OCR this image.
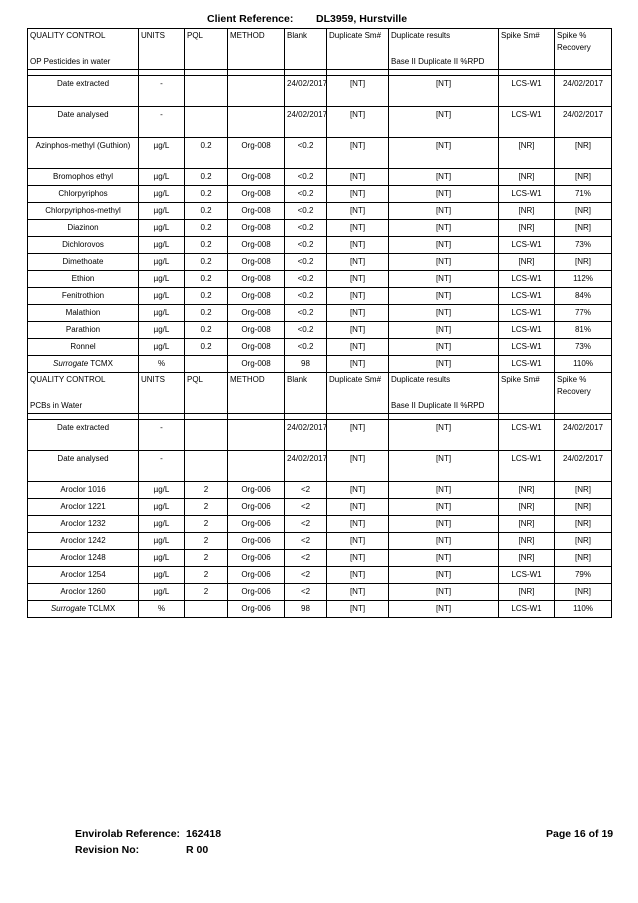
Client Reference: DL3959, Hurstville
QUALITY CONTROL	UNITS	PQL	METHOD	Blank	Duplicate Sm#	Duplicate results	Spike Sm#	Spike % Recovery
OP Pesticides in water						Base II Duplicate II %RPD		

Date extracted	-			24/02/2017	[NT]	[NT]	LCS-W1	24/02/2017
Date analysed	-			24/02/2017	[NT]	[NT]	LCS-W1	24/02/2017
Azinphos-methyl (Guthion)	µg/L	0.2	Org-008	<0.2	[NT]	[NT]	[NR]	[NR]
Bromophos ethyl	µg/L	0.2	Org-008	<0.2	[NT]	[NT]	[NR]	[NR]
Chlorpyriphos	µg/L	0.2	Org-008	<0.2	[NT]	[NT]	LCS-W1	71%
Chlorpyriphos-methyl	µg/L	0.2	Org-008	<0.2	[NT]	[NT]	[NR]	[NR]
Diazinon	µg/L	0.2	Org-008	<0.2	[NT]	[NT]	[NR]	[NR]
Dichlorovos	µg/L	0.2	Org-008	<0.2	[NT]	[NT]	LCS-W1	73%
Dimethoate	µg/L	0.2	Org-008	<0.2	[NT]	[NT]	[NR]	[NR]
Ethion	µg/L	0.2	Org-008	<0.2	[NT]	[NT]	LCS-W1	112%
Fenitrothion	µg/L	0.2	Org-008	<0.2	[NT]	[NT]	LCS-W1	84%
Malathion	µg/L	0.2	Org-008	<0.2	[NT]	[NT]	LCS-W1	77%
Parathion	µg/L	0.2	Org-008	<0.2	[NT]	[NT]	LCS-W1	81%
Ronnel	µg/L	0.2	Org-008	<0.2	[NT]	[NT]	LCS-W1	73%
Surrogate TCMX	%		Org-008	98	[NT]	[NT]	LCS-W1	110%
QUALITY CONTROL	UNITS	PQL	METHOD	Blank	Duplicate Sm#	Duplicate results	Spike Sm#	Spike % Recovery
PCBs in Water						Base II Duplicate II %RPD		

Date extracted	-			24/02/2017	[NT]	[NT]	LCS-W1	24/02/2017
Date analysed	-			24/02/2017	[NT]	[NT]	LCS-W1	24/02/2017
Aroclor 1016	µg/L	2	Org-006	<2	[NT]	[NT]	[NR]	[NR]
Aroclor 1221	µg/L	2	Org-006	<2	[NT]	[NT]	[NR]	[NR]
Aroclor 1232	µg/L	2	Org-006	<2	[NT]	[NT]	[NR]	[NR]
Aroclor 1242	µg/L	2	Org-006	<2	[NT]	[NT]	[NR]	[NR]
Aroclor 1248	µg/L	2	Org-006	<2	[NT]	[NT]	[NR]	[NR]
Aroclor 1254	µg/L	2	Org-006	<2	[NT]	[NT]	LCS-W1	79%
Aroclor 1260	µg/L	2	Org-006	<2	[NT]	[NT]	[NR]	[NR]
Surrogate TCLMX	%		Org-006	98	[NT]	[NT]	LCS-W1	110%
Envirolab Reference: 162418	Page 16 of 19
Revision No:	R 00
